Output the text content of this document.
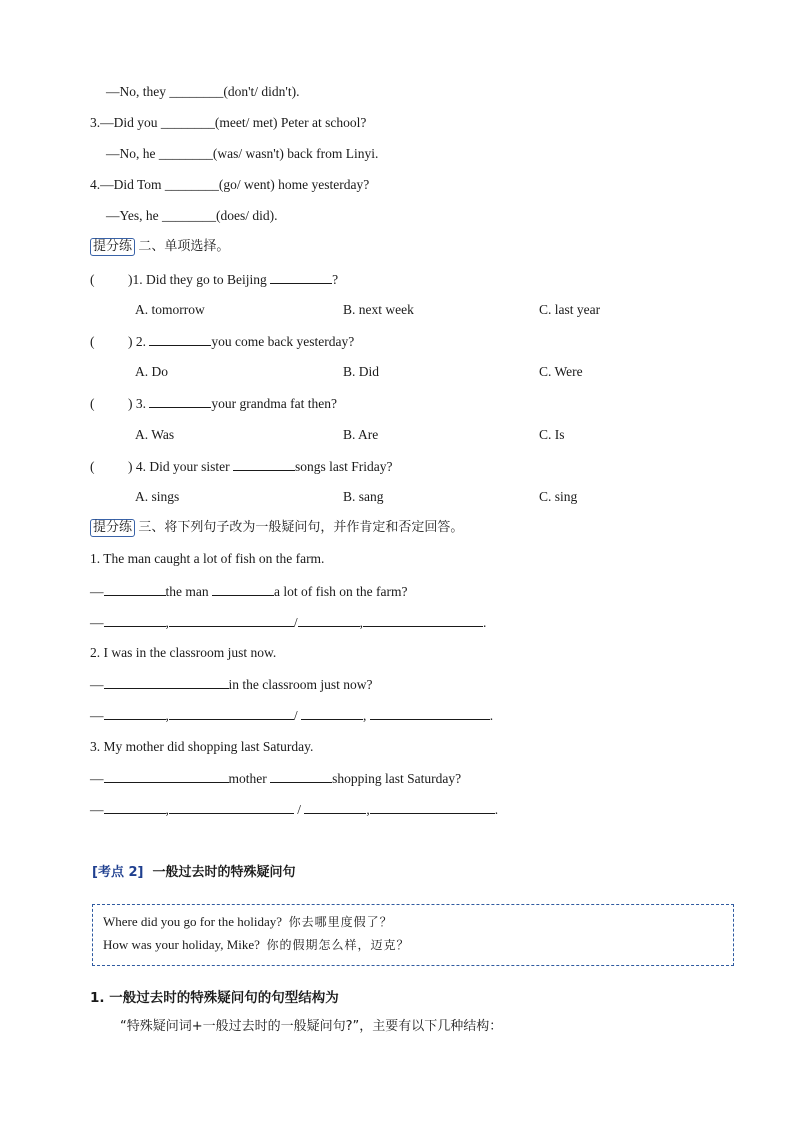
—No, they ________(don't/ didn't).
3.—Did you ________(meet/ met) Peter at school?
—No, he ________(was/ wasn't) back from Linyi.
4.—Did Tom ________(go/ went) home yesterday?
—Yes, he ________(does/ did).
提分练 二、单项选择。
( )1. Did they go to Beijing	?
A. tomorrow	B. next week	C. last year
( ) 2.	you come back yesterday?
A. Do	B. Did	C. Were
( ) 3.	your grandma fat then?
A. Was	B. Are	C. Is
( ) 4. Did your sister	songs last Friday?
A. sings	B. sang	C. sing
提分练 三、将下列句子改为一般疑问句，并作肯定和否定回答。
1. The man caught a lot of fish on the farm.
—	the man	a lot of fish on the farm?
—	,	/	,	.
2. I was in the classroom just now.
—	in the classroom just now?
—	,	/	,	.
3. My mother did shopping last Saturday.
—	mother	shopping last Saturday?
—	,	/	,	.
[考点 2] 一般过去时的特殊疑问句
Where did you go for the holiday? 你去哪里度假了？
How was your holiday, Mike? 你的假期怎么样，迈克？
1. 一般过去时的特殊疑问句的句型结构为
“特殊疑问词+一般过去时的一般疑问句?”，主要有以下几种结构：
